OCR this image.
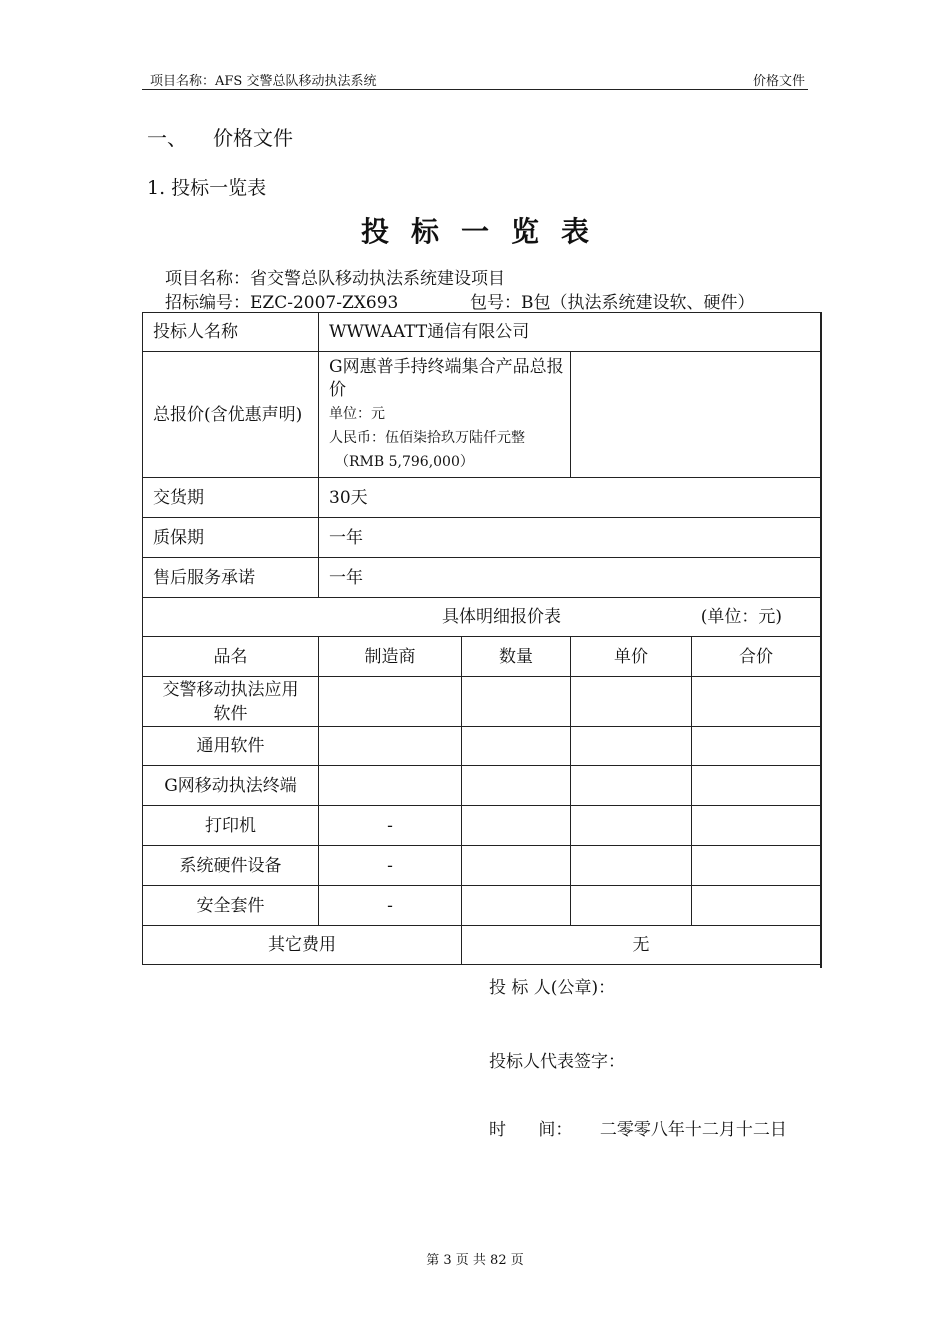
项目名称：AFS 交警总队移动执法系统	价格文件
一、 价格文件
1. 投标一览表
投标一览表
项目名称：省交警总队移动执法系统建设项目
招标编号：EZC-2007-ZX693	包号：B包（执法系统建设软、硬件）
投标人名称	WWWAATT通信有限公司			
总报价(含优惠声明)	G网惠普手持终端集合产品总报价
单位：元
人民币：伍佰柒拾玖万陆仟元整
（RMB 5,796,000）			

交货期	30天			
质保期	一年			
售后服务承诺	一年			

具体明细报价表 (单位：元)				

品名	制造商	数量	单价	合价
交警移动执法应用软件				
通用软件				
G网移动执法终端				
打印机	-			
系统硬件设备	-			
安全套件	-			
其它费用		无		
投 标 人(公章)：
投标人代表签字：
时      间： 二零零八年十二月十二日
第 3 页 共 82 页
